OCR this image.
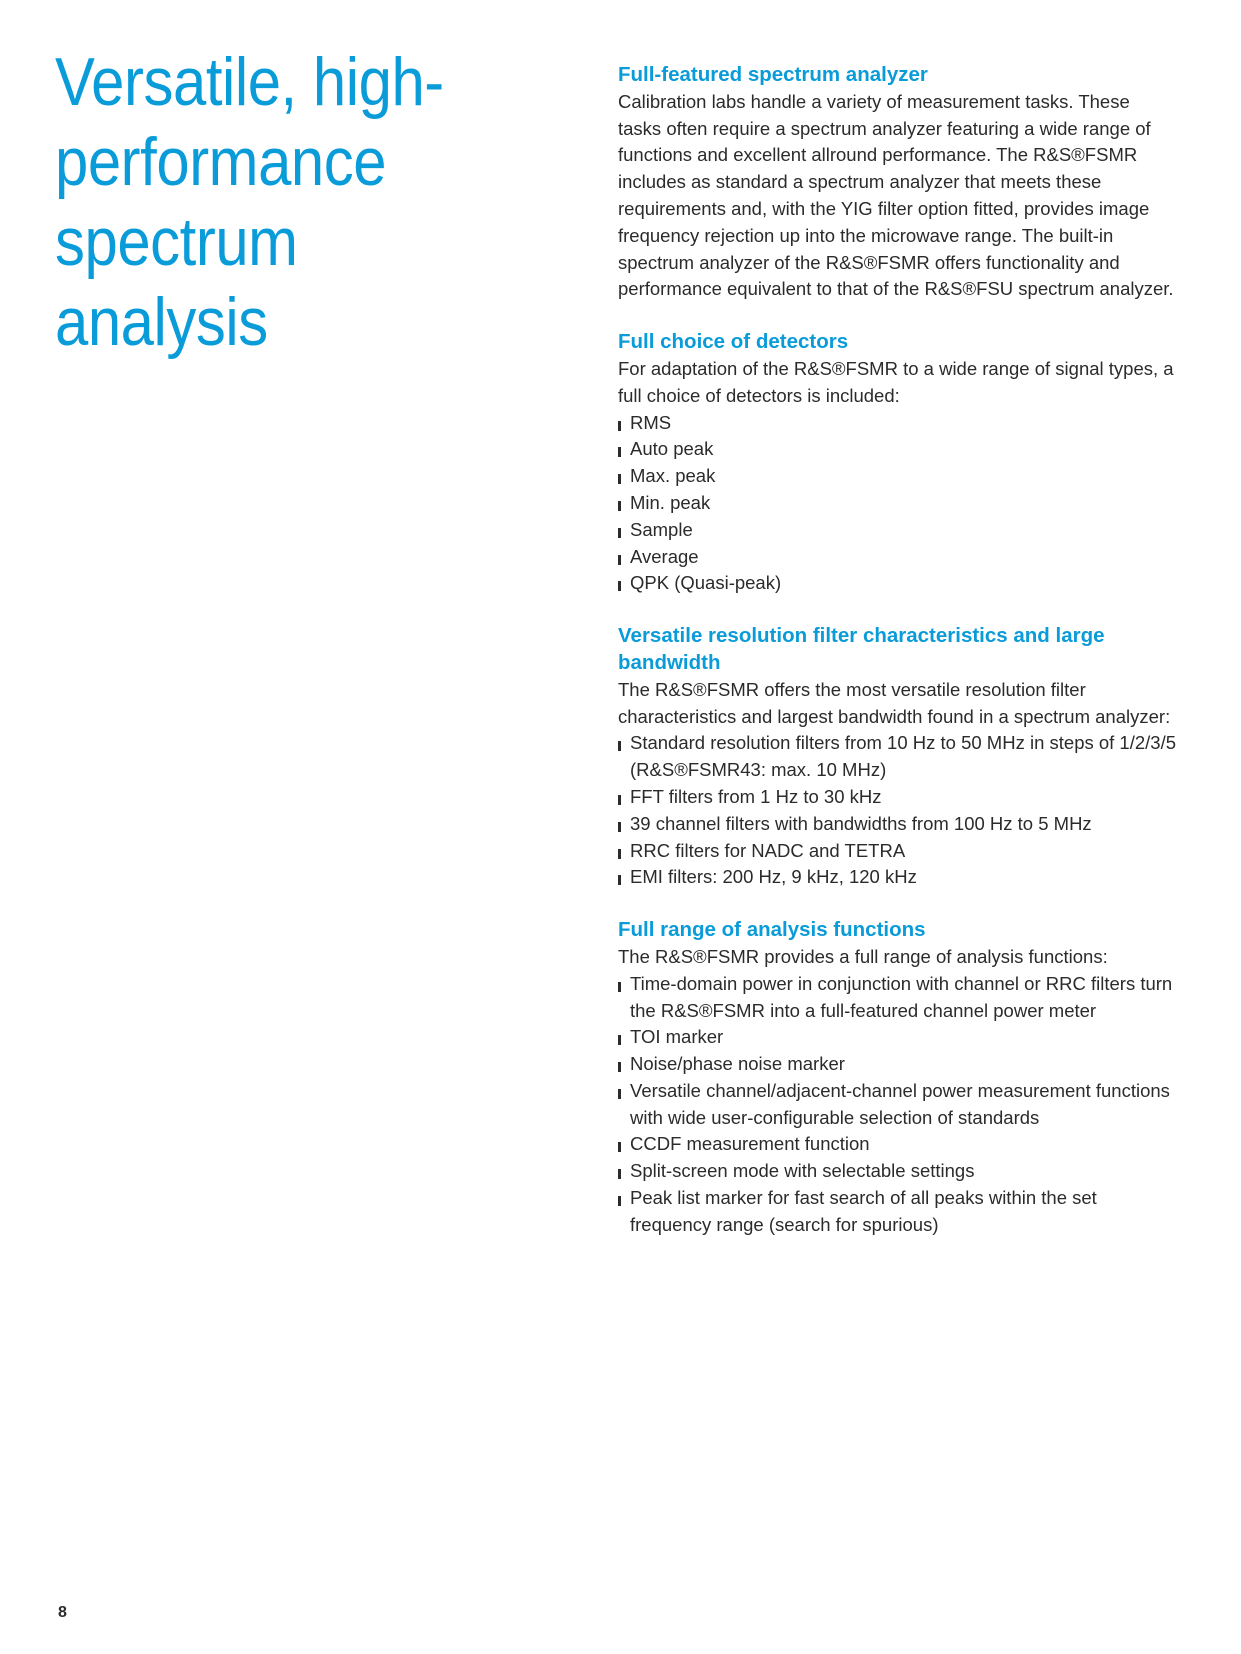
Versatile, high-performance spectrum analysis
Full-featured spectrum analyzer

Calibration labs handle a variety of measurement tasks. These tasks often require a spectrum analyzer featuring a wide range of functions and excellent allround performance. The R&S®FSMR includes as standard a spectrum analyzer that meets these requirements and, with the YIG filter option fitted, provides image frequency rejection up into the microwave range. The built-in spectrum analyzer of the R&S®FSMR offers functionality and performance equivalent to that of the R&S®FSU spectrum analyzer.

Full choice of detectors

For adaptation of the R&S®FSMR to a wide range of signal types, a full choice of detectors is included:

RMS
Auto peak
Max. peak
Min. peak
Sample
Average
QPK (Quasi-peak)
Versatile resolution filter characteristics and large bandwidth

The R&S®FSMR offers the most versatile resolution filter characteristics and largest bandwidth found in a spectrum analyzer:

Standard resolution filters from 10 Hz to 50 MHz in steps of 1/2/3/5 (R&S®FSMR43: max. 10 MHz)
FFT filters from 1 Hz to 30 kHz
39 channel filters with bandwidths from 100 Hz to 5 MHz
RRC filters for NADC and TETRA
EMI filters: 200 Hz, 9 kHz, 120 kHz
Full range of analysis functions

The R&S®FSMR provides a full range of analysis functions:

Time-domain power in conjunction with channel or RRC filters turn the R&S®FSMR into a full-featured channel power meter
TOI marker
Noise/phase noise marker
Versatile channel/adjacent-channel power measurement functions with wide user-configurable selection of standards
CCDF measurement function
Split-screen mode with selectable settings
Peak list marker for fast search of all peaks within the set frequency range (search for spurious)
8
